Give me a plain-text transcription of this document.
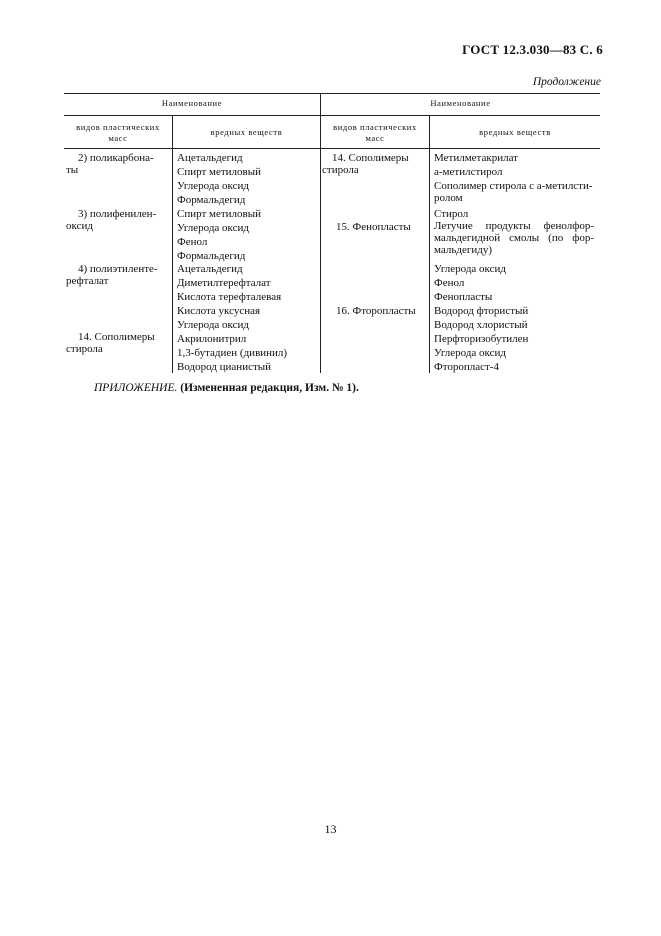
ГОСТ 12.3.030—83 С. 6
Продолжение
Наименование	Наименование
видов пластических масс
вредных веществ	видов пластических масс
вредных веществ
2) поликарбона-
ты
Ацетальдегид
Спирт метиловый
Углерода оксид
Формальдегид
3) полифенилен-
оксид
Спирт метиловый
Углерода оксид
Фенол
Формальдегид
4) полиэтиленте-
рефталат
Ацетальдегид
Диметилтерефталат
Кислота терефталевая
Кислота уксусная
Углерода оксид
14. Сополимеры
стирола
Акрилонитрил
1,3-бутадиен (дивинил)
Водород цианистый
14. Сополимеры
стирола
Метилметакрилат
a-метилстирол
Сополимер стирола с a-метилсти-
ролом
Стирол
15. Фенопласты Летучие продукты фенолфор-мальдегидной смолы (по фор-мальдегиду)
Углерода оксид
Фенол
Фенопласты
16. Фторопласты Водород фтористый
Водород хлористый
Перфторизобутилен
Углерода оксид
Фторопласт-4
ПРИЛОЖЕНИЕ. (Измененная редакция, Изм. № 1).
13
